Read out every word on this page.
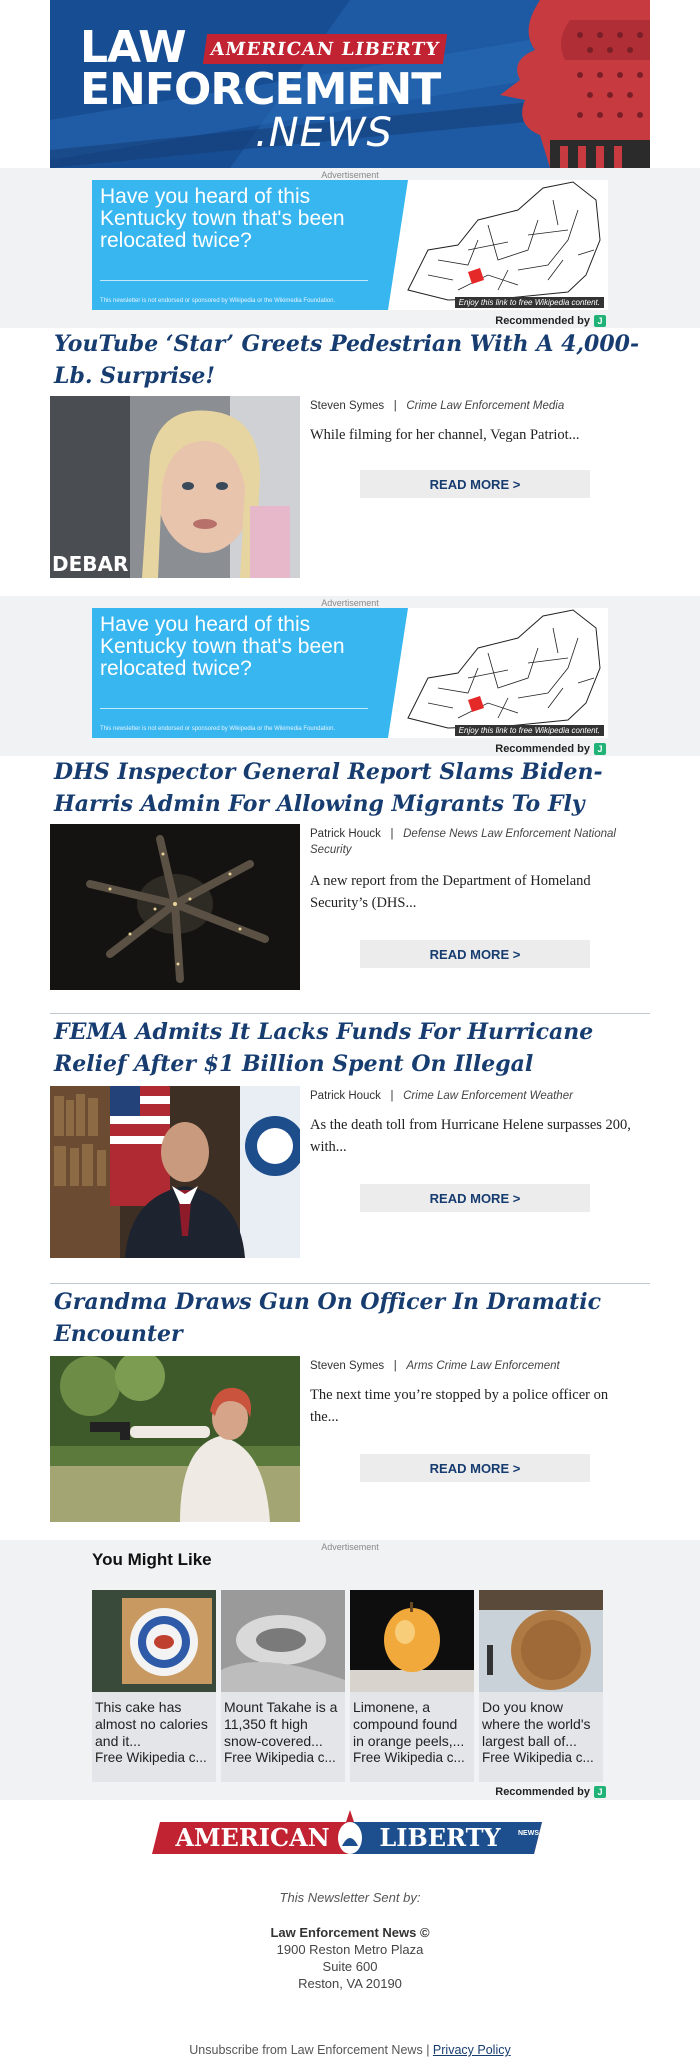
LAW
ENFORCEMENT
.NEWS
AMERICAN LIBERTY
Advertisement
Have you heard of this Kentucky town that's been relocated twice?
This newsletter is not endorsed or sponsored by Wikipedia or the Wikimedia Foundation.	Enjoy this link to free Wikipedia content.
Recommended by J
YouTube ‘Star’ Greets Pedestrian With A 4,000-Lb. Surprise!
DEBAR
Steven Symes | Crime Law Enforcement Media
While filming for her channel, Vegan Patriot...
READ MORE >
Advertisement
Have you heard of this Kentucky town that's been relocated twice?
This newsletter is not endorsed or sponsored by Wikipedia or the Wikimedia Foundation.	Enjoy this link to free Wikipedia content.
Recommended by J
DHS Inspector General Report Slams Biden-Harris Admin For Allowing Migrants To Fly
Patrick Houck | Defense News Law Enforcement National Security
A new report from the Department of Homeland Security’s (DHS...
READ MORE >
FEMA Admits It Lacks Funds For Hurricane Relief After $1 Billion Spent On Illegal
Patrick Houck | Crime Law Enforcement Weather
As the death toll from Hurricane Helene surpasses 200, with...
READ MORE >
Grandma Draws Gun On Officer In Dramatic Encounter
Steven Symes | Arms Crime Law Enforcement
The next time you’re stopped by a police officer on the...
READ MORE >
Advertisement
You Might Like
This cake has almost no calories and it...
Free Wikipedia c...
Mount Takahe is a 11,350 ft high snow-covered...
Free Wikipedia c...
Limonene, a compound found in orange peels,...
Free Wikipedia c...
Do you know where the world's largest ball of...
Free Wikipedia c...
Recommended by J
AMERICAN	LIBERTY	NEWS
This Newsletter Sent by:
Law Enforcement News ©
1900 Reston Metro Plaza
Suite 600
Reston, VA 20190
Unsubscribe from Law Enforcement News | Privacy Policy
